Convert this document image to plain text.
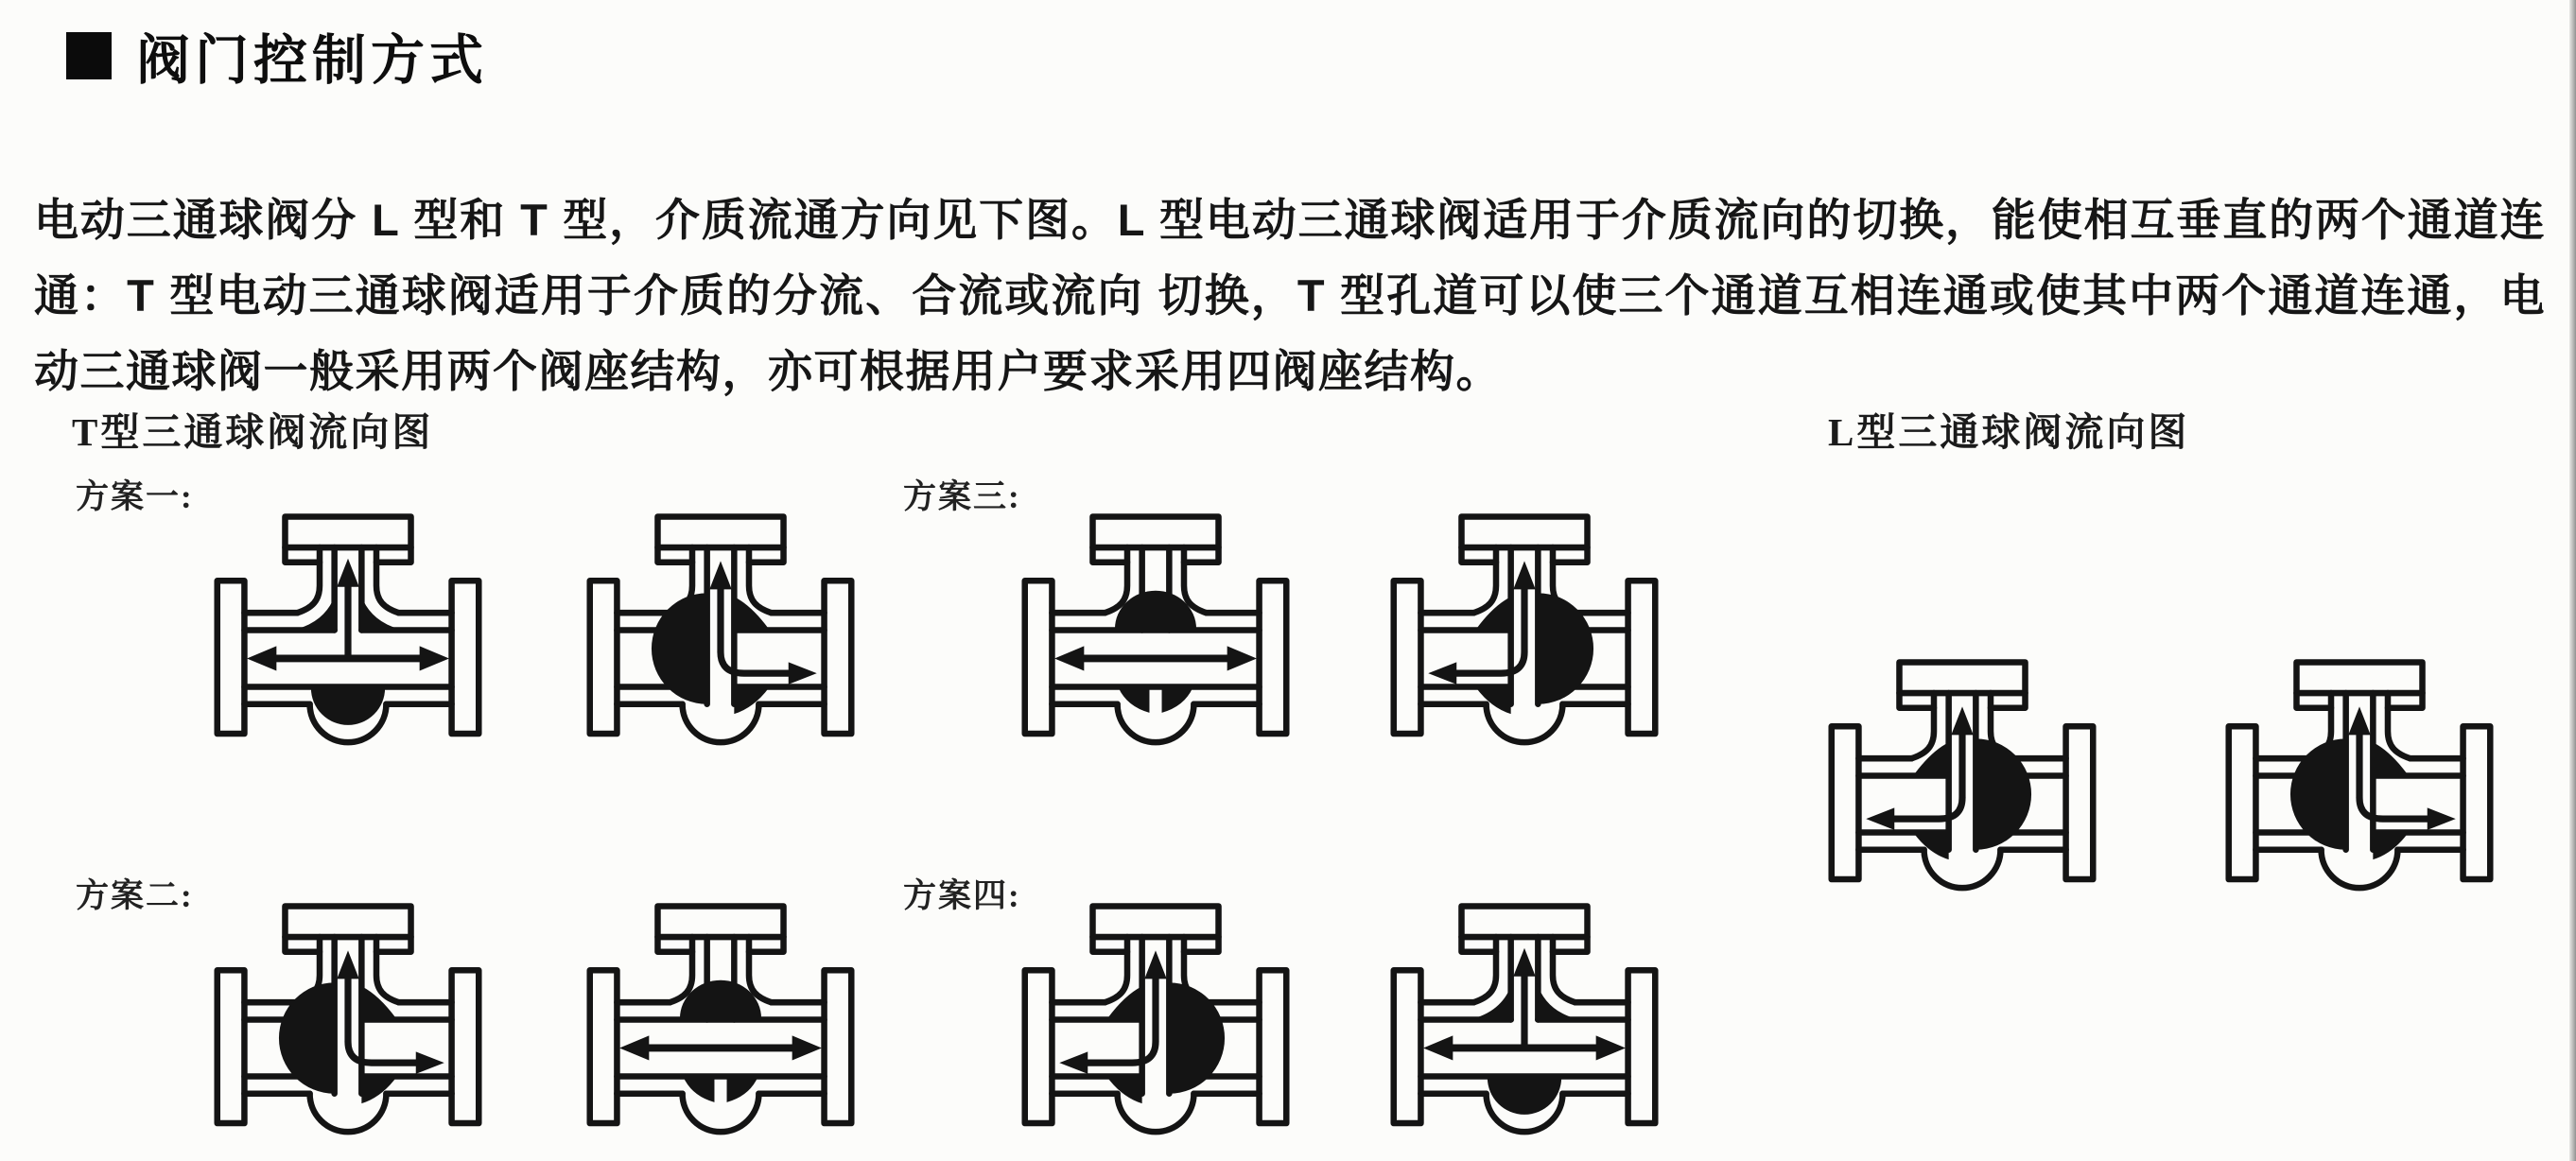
阀门控制方式

电动三通球阀分 L 型和 T 型，介质流通方向见下图。L 型电动三通球阀适用于介质流向的切换，能使相互垂直的两个通道连通：T 型电动三通球阀适用于介质的分流、合流或流向 切换，T 型孔道可以使三个通道互相连通或使其中两个通道连通，电动三通球阀一般采用两个阀座结构，亦可根据用户要求采用四阀座结构。

T型三通球阀流向图	L型三通球阀流向图
方案一:	方案三:
方案二:	方案四:
